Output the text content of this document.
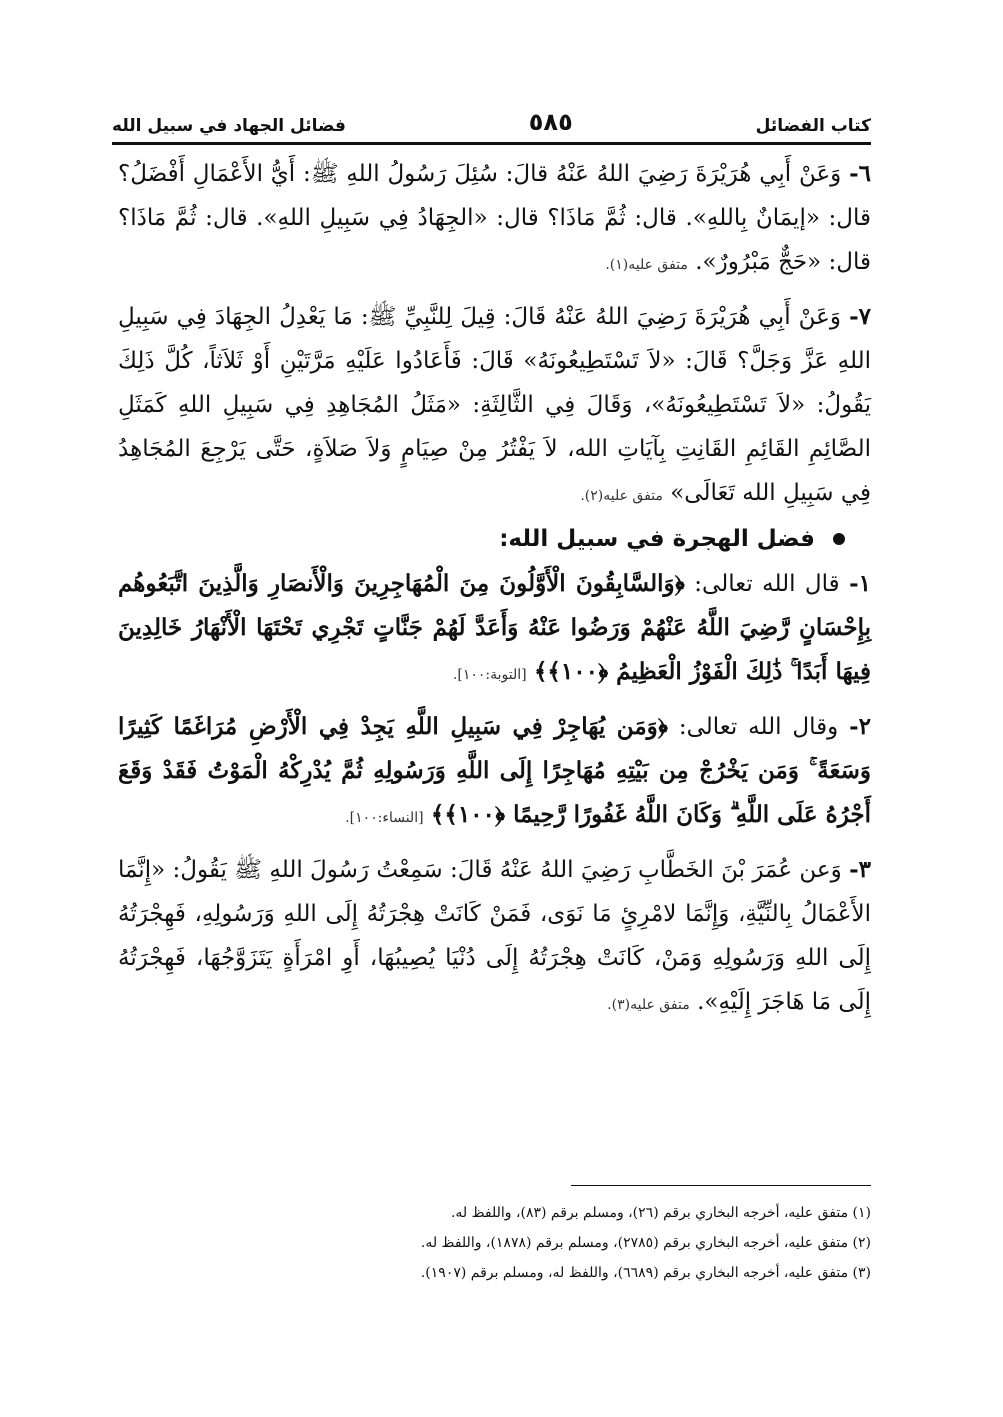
كتاب الفضائل
٥٨٥
فضائل الجهاد في سبيل الله

٦- وَعَنْ أَبِي هُرَيْرَةَ رَضِيَ اللهُ عَنْهُ قالَ: سُئِلَ رَسُولُ اللهِ ﷺ: أَيُّ الأَعْمَالِ أَفْضَلُ؟ قال: «إيمَانٌ بِاللهِ». قال: ثُمَّ مَاذَا؟ قال: «الجِهَادُ فِي سَبِيلِ اللهِ». قال: ثُمَّ مَاذَا؟ قال: «حَجٌّ مَبْرُورٌ». متفق عليه(١).

٧- وَعَنْ أَبِي هُرَيْرَةَ رَضِيَ اللهُ عَنْهُ قَالَ: قِيلَ لِلنَّبِيِّ ﷺ: مَا يَعْدِلُ الجِهَادَ فِي سَبِيلِ اللهِ عَزَّ وَجَلَّ؟ قَالَ: «لاَ تَسْتَطِيعُونَهُ» قَالَ: فَأَعَادُوا عَلَيْهِ مَرَّتَيْنِ أَوْ ثَلاَثاً، كُلَّ ذَلِكَ يَقُولُ: «لاَ تَسْتَطِيعُونَهُ»، وَقَالَ فِي الثَّالِثَةِ: «مَثَلُ المُجَاهِدِ فِي سَبِيلِ اللهِ كَمَثَلِ الصَّائِمِ القَائِمِ القَانِتِ بِآيَاتِ الله، لاَ يَفْتُرُ مِنْ صِيَامٍ وَلاَ صَلاَةٍ، حَتَّى يَرْجِعَ المُجَاهِدُ فِي سَبِيلِ الله تَعَالَى» متفق عليه(٢).

فضل الهجرة في سبيل الله:

١- قال الله تعالى: ﴿وَالسَّابِقُونَ الْأَوَّلُونَ مِنَ الْمُهَاجِرِينَ وَالْأَنصَارِ وَالَّذِينَ اتَّبَعُوهُم بِإِحْسَانٍ رَّضِيَ اللَّهُ عَنْهُمْ وَرَضُوا عَنْهُ وَأَعَدَّ لَهُمْ جَنَّاتٍ تَجْرِي تَحْتَهَا الْأَنْهَارُ خَالِدِينَ فِيهَا أَبَدًا ۚ ذَٰلِكَ الْفَوْزُ الْعَظِيمُ ﴿١٠٠﴾﴾ [التوبة:١٠٠].

٢- وقال الله تعالى: ﴿وَمَن يُهَاجِرْ فِي سَبِيلِ اللَّهِ يَجِدْ فِي الْأَرْضِ مُرَاغَمًا كَثِيرًا وَسَعَةً ۚ وَمَن يَخْرُجْ مِن بَيْتِهِ مُهَاجِرًا إِلَى اللَّهِ وَرَسُولِهِ ثُمَّ يُدْرِكْهُ الْمَوْتُ فَقَدْ وَقَعَ أَجْرُهُ عَلَى اللَّهِ ۗ وَكَانَ اللَّهُ غَفُورًا رَّحِيمًا ﴿١٠٠﴾﴾ [النساء:١٠٠].

٣- وَعن عُمَرَ بْنَ الخَطَّابِ رَضِيَ اللهُ عَنْهُ قَالَ: سَمِعْتُ رَسُولَ اللهِ ﷺ يَقُولُ: «إِنَّمَا الأَعْمَالُ بِالنِّيَّةِ، وَإِنَّمَا لامْرِئٍ مَا نَوَى، فَمَنْ كَانَتْ هِجْرَتُهُ إِلَى اللهِ وَرَسُولِهِ، فَهِجْرَتُهُ إِلَى اللهِ وَرَسُولِهِ وَمَنْ، كَانَتْ هِجْرَتُهُ إِلَى دُنْيَا يُصِيبُهَا، أَوِ امْرَأَةٍ يَتَزَوَّجُهَا، فَهِجْرَتُهُ إِلَى مَا هَاجَرَ إِلَيْهِ». متفق عليه(٣).

(١) متفق عليه، أخرجه البخاري برقم (٢٦)، ومسلم برقم (٨٣)، واللفظ له.
(٢) متفق عليه، أخرجه البخاري برقم (٢٧٨٥)، ومسلم برقم (١٨٧٨)، واللفظ له.
(٣) متفق عليه، أخرجه البخاري برقم (٦٦٨٩)، واللفظ له، ومسلم برقم (١٩٠٧).
